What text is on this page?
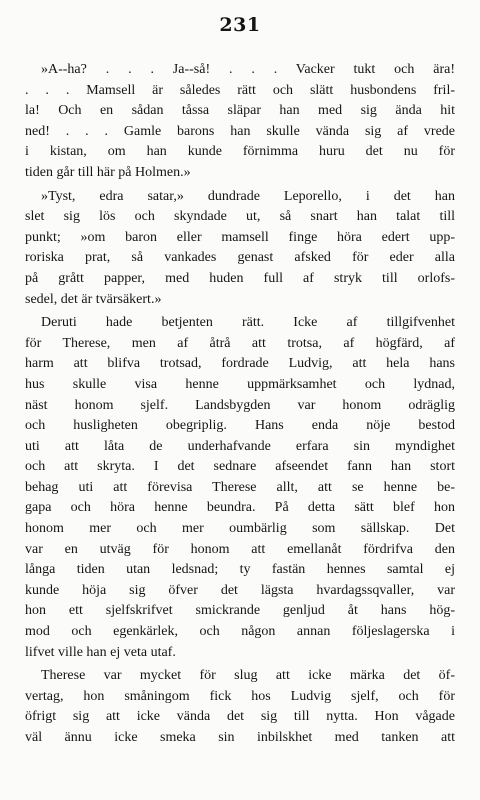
231
»A--ha? . . . Ja--så! . . . Vacker tukt och ära!
. . . Mamsell är således rätt och slätt husbondens fril-
la! Och en sådan tåssa släpar han med sig ända hit
ned! . . . Gamle barons han skulle vända sig af vrede
i kistan, om han kunde förnimma huru det nu för
tiden går till här på Holmen.»
»Tyst, edra satar,» dundrade Leporello, i det han
slet sig lös och skyndade ut, så snart han talat till
punkt; »om baron eller mamsell finge höra edert upp-
roriska prat, så vankades genast afsked för eder alla
på grått papper, med huden full af stryk till orlofs-
sedel, det är tvärsäkert.»
Deruti hade betjenten rätt. Icke af tillgifvenhet
för Therese, men af åtrå att trotsa, af högfärd, af
harm att blifva trotsad, fordrade Ludvig, att hela hans
hus skulle visa henne uppmärksamhet och lydnad,
näst honom sjelf. Landsbygden var honom odräglig
och husligheten obegriplig. Hans enda nöje bestod
uti att låta de underhafvande erfara sin myndighet
och att skryta. I det sednare afseendet fann han stort
behag uti att förevisa Therese allt, att se henne be-
gapa och höra henne beundra. På detta sätt blef hon
honom mer och mer oumbärlig som sällskap. Det
var en utväg för honom att emellanåt fördrifva den
långa tiden utan ledsnad; ty fastän hennes samtal ej
kunde höja sig öfver det lägsta hvardagssqvaller, var
hon ett sjelfskrifvet smickrande genljud åt hans hög-
mod och egenkärlek, och någon annan följeslagerska i
lifvet ville han ej veta utaf.
Therese var mycket för slug att icke märka det öf-
vertag, hon småningom fick hos Ludvig sjelf, och för
öfrigt sig att icke vända det sig till nytta. Hon vågade
väl ännu icke smeka sin inbilskhet med tanken att
